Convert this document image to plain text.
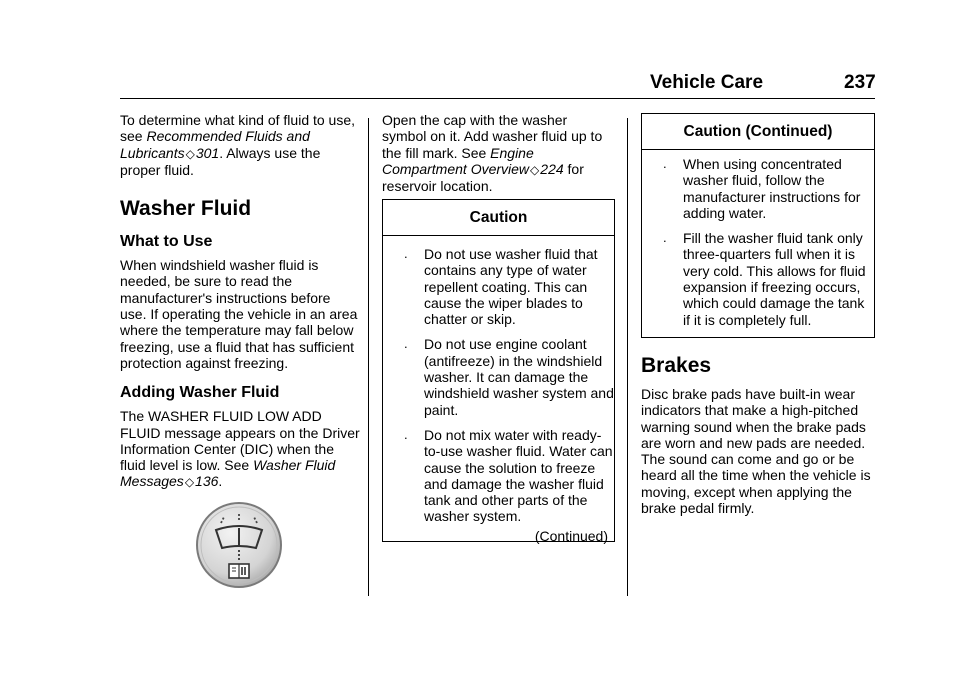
Vehicle Care	237

To determine what kind of fluid to use, see Recommended Fluids and Lubricants◇301. Always use the proper fluid.

Washer Fluid
What to Use

When windshield washer fluid is needed, be sure to read the manufacturer's instructions before use. If operating the vehicle in an area where the temperature may fall below freezing, use a fluid that has sufficient protection against freezing.

Adding Washer Fluid

The WASHER FLUID LOW ADD FLUID message appears on the Driver Information Center (DIC) when the fluid level is low. See Washer Fluid Messages◇136.

Open the cap with the washer symbol on it. Add washer fluid up to the fill mark. See Engine Compartment Overview◇224 for reservoir location.

Caution
. Do not use washer fluid that contains any type of water repellent coating. This can cause the wiper blades to chatter or skip.
. Do not use engine coolant (antifreeze) in the windshield washer. It can damage the windshield washer system and paint.
. Do not mix water with ready-to-use washer fluid. Water can cause the solution to freeze and damage the washer fluid tank and other parts of the washer system.
(Continued)
Caution (Continued)
. When using concentrated washer fluid, follow the manufacturer instructions for adding water.
. Fill the washer fluid tank only three-quarters full when it is very cold. This allows for fluid expansion if freezing occurs, which could damage the tank if it is completely full.
Brakes

Disc brake pads have built-in wear indicators that make a high-pitched warning sound when the brake pads are worn and new pads are needed. The sound can come and go or be heard all the time when the vehicle is moving, except when applying the brake pedal firmly.
